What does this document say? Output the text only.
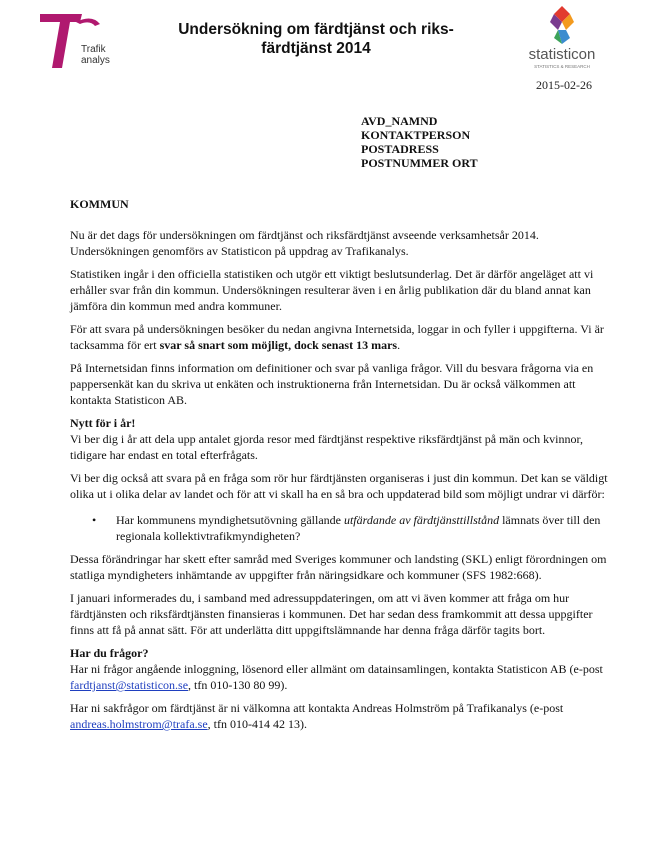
Trafik
analys
Undersökning om färdtjänst och riks-
färdtjänst 2014	statisticon
STATISTICS & RESEARCH
2015-02-26
AVD_NAMND
KONTAKTPERSON
POSTADRESS
POSTNUMMER ORT
KOMMUN

Nu är det dags för undersökningen om färdtjänst och riksfärdtjänst avseende verksamhetsår 2014. Undersökningen genomförs av Statisticon på uppdrag av Trafikanalys.

Statistiken ingår i den officiella statistiken och utgör ett viktigt beslutsunderlag. Det är därför angeläget att vi erhåller svar från din kommun. Undersökningen resulterar även i en årlig publikation där du bland annat kan jämföra din kommun med andra kommuner.

För att svara på undersökningen besöker du nedan angivna Internetsida, loggar in och fyller i uppgifterna. Vi är tacksamma för ert svar så snart som möjligt, dock senast 13 mars.

På Internetsidan finns information om definitioner och svar på vanliga frågor. Vill du besvara frågorna via en pappersenkät kan du skriva ut enkäten och instruktionerna från Internetsidan. Du är också välkommen att kontakta Statisticon AB.

Nytt för i år!

Vi ber dig i år att dela upp antalet gjorda resor med färdtjänst respektive riksfärdtjänst på män och kvinnor, tidigare har endast en total efterfrågats.

Vi ber dig också att svara på en fråga som rör hur färdtjänsten organiseras i just din kommun. Det kan se väldigt olika ut i olika delar av landet och för att vi skall ha en så bra och uppdaterad bild som möjligt undrar vi därför:

•	Har kommunens myndighetsutövning gällande utfärdande av färdtjänsttillstånd lämnats över till den regionala kollektivtrafikmyndigheten?

Dessa förändringar har skett efter samråd med Sveriges kommuner och landsting (SKL) enligt förordningen om statliga myndigheters inhämtande av uppgifter från näringsidkare och kommuner (SFS 1982:668).

I januari informerades du, i samband med adressuppdateringen, om att vi även kommer att fråga om hur färdtjänsten och riksfärdtjänsten finansieras i kommunen. Det har sedan dess framkommit att dessa uppgifter finns att få på annat sätt. För att underlätta ditt uppgiftslämnande har denna fråga därför tagits bort.

Har du frågor?

Har ni frågor angående inloggning, lösenord eller allmänt om datainsamlingen, kontakta Statisticon AB (e-post fardtjanst@statisticon.se, tfn 010-130 80 99).

Har ni sakfrågor om färdtjänst är ni välkomna att kontakta Andreas Holmström på Trafikanalys (e-post andreas.holmstrom@trafa.se, tfn 010-414 42 13).
